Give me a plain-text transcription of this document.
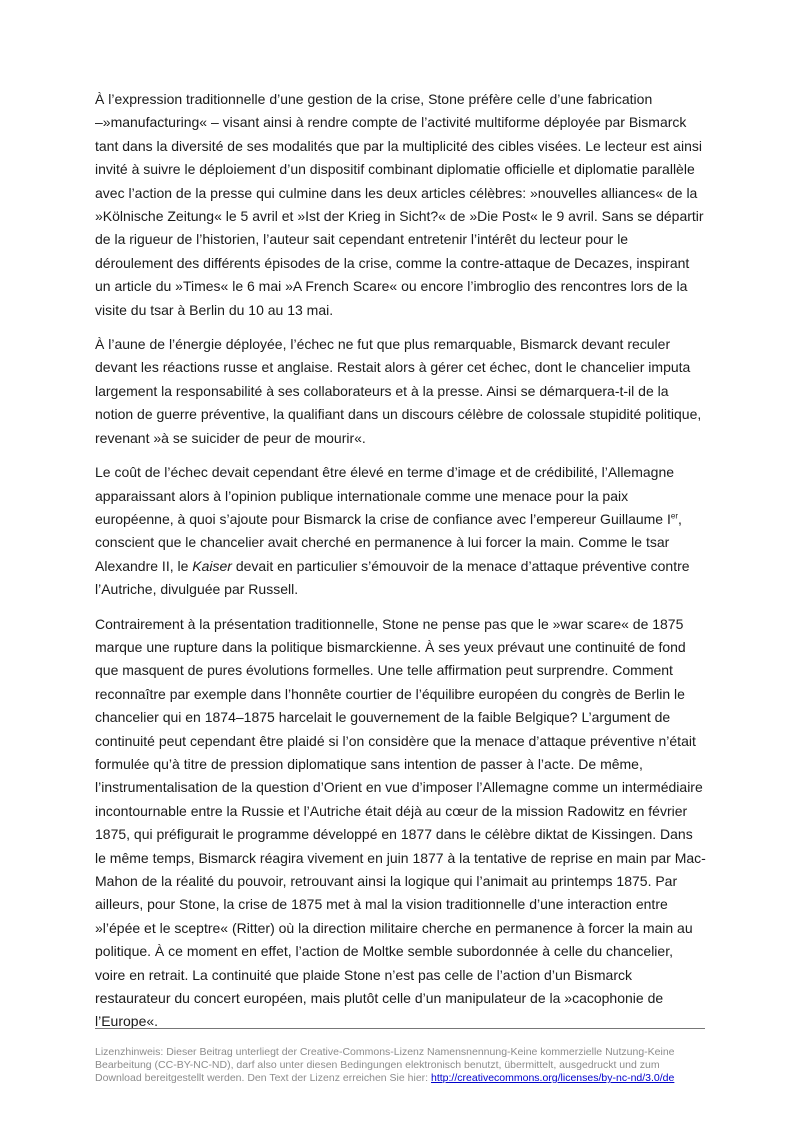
À l’expression traditionnelle d’une gestion de la crise, Stone préfère celle d’une fabrication –»manufacturing« – visant ainsi à rendre compte de l’activité multiforme déployée par Bismarck tant dans la diversité de ses modalités que par la multiplicité des cibles visées. Le lecteur est ainsi invité à suivre le déploiement d’un dispositif combinant diplomatie officielle et diplomatie parallèle avec l’action de la presse qui culmine dans les deux articles célèbres: »nouvelles alliances« de la »Kölnische Zeitung« le 5 avril et »Ist der Krieg in Sicht?« de »Die Post« le 9 avril. Sans se départir de la rigueur de l’historien, l’auteur sait cependant entretenir l’intérêt du lecteur pour le déroulement des différents épisodes de la crise, comme la contre-attaque de Decazes, inspirant un article du »Times« le 6 mai »A French Scare« ou encore l’imbroglio des rencontres lors de la visite du tsar à Berlin du 10 au 13 mai.

À l’aune de l’énergie déployée, l’échec ne fut que plus remarquable, Bismarck devant reculer devant les réactions russe et anglaise. Restait alors à gérer cet échec, dont le chancelier imputa largement la responsabilité à ses collaborateurs et à la presse. Ainsi se démarquera-t-il de la notion de guerre préventive, la qualifiant dans un discours célèbre de colossale stupidité politique, revenant »à se suicider de peur de mourir«.

Le coût de l’échec devait cependant être élevé en terme d’image et de crédibilité, l’Allemagne apparaissant alors à l’opinion publique internationale comme une menace pour la paix européenne, à quoi s’ajoute pour Bismarck la crise de confiance avec l’empereur Guillaume Ier, conscient que le chancelier avait cherché en permanence à lui forcer la main. Comme le tsar Alexandre II, le Kaiser devait en particulier s’émouvoir de la menace d’attaque préventive contre l’Autriche, divulguée par Russell.

Contrairement à la présentation traditionnelle, Stone ne pense pas que le »war scare« de 1875 marque une rupture dans la politique bismarckienne. À ses yeux prévaut une continuité de fond que masquent de pures évolutions formelles. Une telle affirmation peut surprendre. Comment reconnaître par exemple dans l’honnête courtier de l’équilibre européen du congrès de Berlin le chancelier qui en 1874–1875 harcelait le gouvernement de la faible Belgique? L’argument de continuité peut cependant être plaidé si l’on considère que la menace d’attaque préventive n’était formulée qu’à titre de pression diplomatique sans intention de passer à l’acte. De même, l’instrumentalisation de la question d’Orient en vue d’imposer l’Allemagne comme un intermédiaire incontournable entre la Russie et l’Autriche était déjà au cœur de la mission Radowitz en février 1875, qui préfigurait le programme développé en 1877 dans le célèbre diktat de Kissingen. Dans le même temps, Bismarck réagira vivement en juin 1877 à la tentative de reprise en main par Mac-Mahon de la réalité du pouvoir, retrouvant ainsi la logique qui l’animait au printemps 1875. Par ailleurs, pour Stone, la crise de 1875 met à mal la vision traditionnelle d’une interaction entre »l’épée et le sceptre« (Ritter) où la direction militaire cherche en permanence à forcer la main au politique. À ce moment en effet, l’action de Moltke semble subordonnée à celle du chancelier, voire en retrait. La continuité que plaide Stone n’est pas celle de l’action d’un Bismarck restaurateur du concert européen, mais plutôt celle d’un manipulateur de la »cacophonie de l’Europe«.

Lizenzhinweis: Dieser Beitrag unterliegt der Creative-Commons-Lizenz Namensnennung-Keine kommerzielle Nutzung-Keine Bearbeitung (CC-BY-NC-ND), darf also unter diesen Bedingungen elektronisch benutzt, übermittelt, ausgedruckt und zum Download bereitgestellt werden. Den Text der Lizenz erreichen Sie hier: http://creativecommons.org/licenses/by-nc-nd/3.0/de
